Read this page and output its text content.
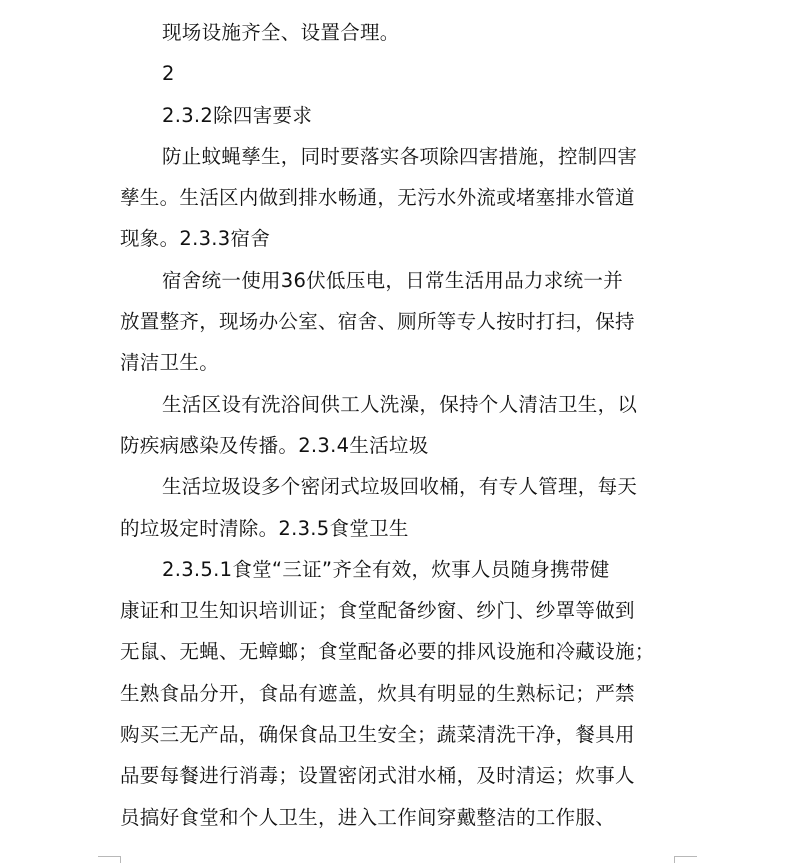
现场设施齐全、设置合理。
2
2.3.2除四害要求
防止蚊蝇孳生，同时要落实各项除四害措施，控制四害
孳生。生活区内做到排水畅通，无污水外流或堵塞排水管道
现象。2.3.3宿舍
宿舍统一使用36伏低压电，日常生活用品力求统一并
放置整齐，现场办公室、宿舍、厕所等专人按时打扫，保持
清洁卫生。
生活区设有洗浴间供工人洗澡，保持个人清洁卫生，以
防疾病感染及传播。2.3.4生活垃圾
生活垃圾设多个密闭式垃圾回收桶，有专人管理，每天
的垃圾定时清除。2.3.5食堂卫生
2.3.5.1食堂“三证”齐全有效，炊事人员随身携带健
康证和卫生知识培训证；食堂配备纱窗、纱门、纱罩等做到
无鼠、无蝇、无蟑螂；食堂配备必要的排风设施和冷藏设施；
生熟食品分开，食品有遮盖，炊具有明显的生熟标记；严禁
购买三无产品，确保食品卫生安全；蔬菜清洗干净，餐具用
品要每餐进行消毒；设置密闭式泔水桶，及时清运；炊事人
员搞好食堂和个人卫生，进入工作间穿戴整洁的工作服、
